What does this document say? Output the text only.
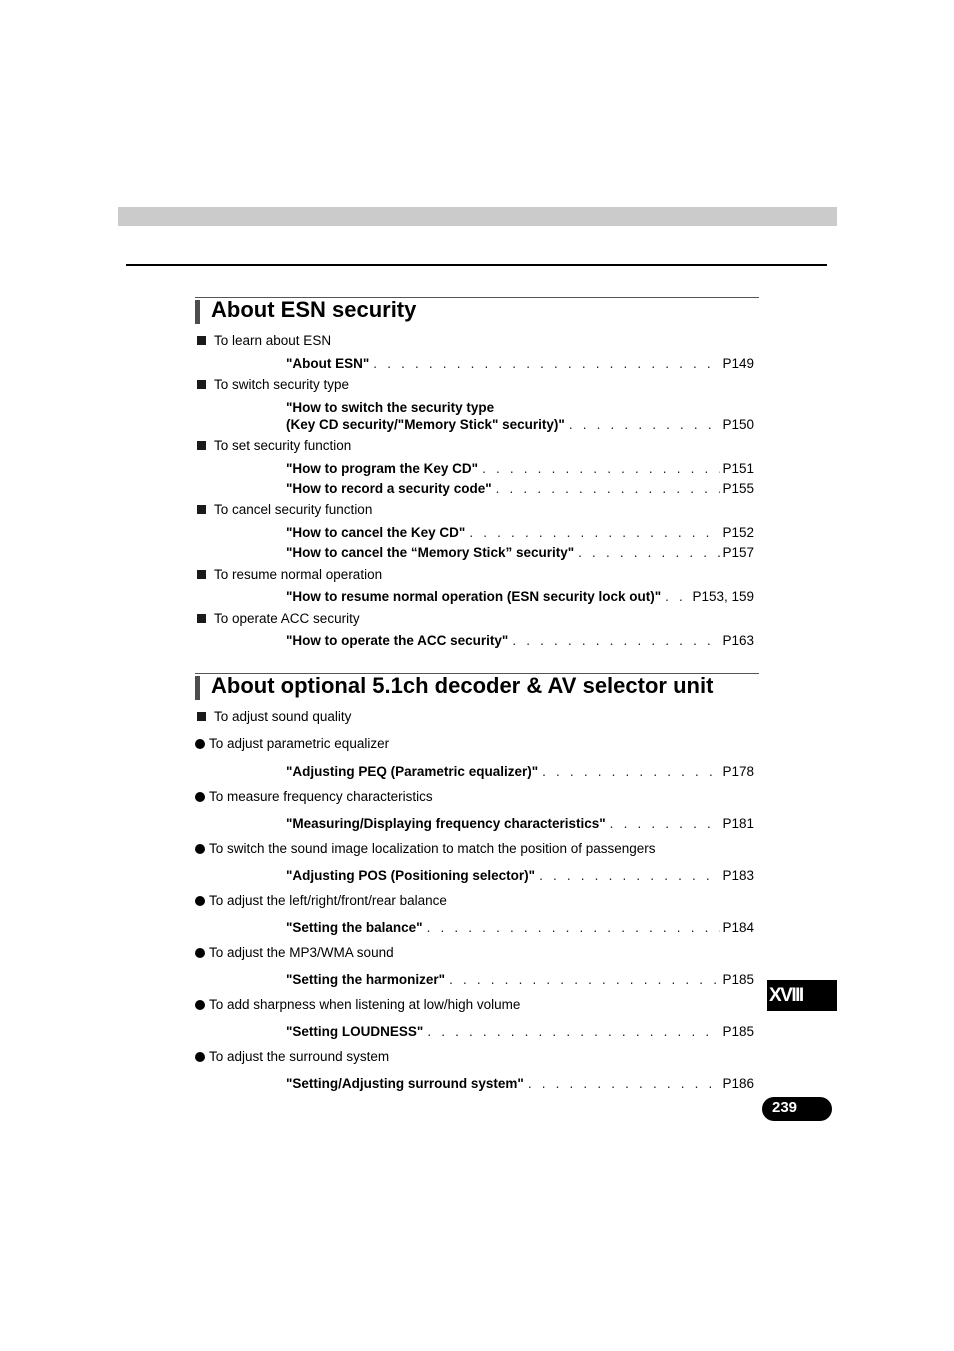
About ESN security
To learn about ESN
"About ESN" . . .	P149
To switch security type
"How to switch the security type
(Key CD security/"Memory Stick" security)" . . .	P150
To set security function
"How to program the Key CD" . . .	P151
"How to record a security code" . . .	P155
To cancel security function
"How to cancel the Key CD" . . .	P152
"How to cancel the “Memory Stick” security" . . .	P157
To resume normal operation
"How to resume normal operation (ESN security lock out)" . . . P153, 159
To operate ACC security
"How to operate the ACC security" . . .	P163
About optional 5.1ch decoder & AV selector unit
To adjust sound quality
To adjust parametric equalizer
"Adjusting PEQ (Parametric equalizer)" . . .	P178
To measure frequency characteristics
"Measuring/Displaying frequency characteristics" . . .	P181
To switch the sound image localization to match the position of passengers
"Adjusting POS (Positioning selector)" . . .	P183
To adjust the left/right/front/rear balance
"Setting the balance" . . .	P184
To adjust the MP3/WMA sound
"Setting the harmonizer" . . .	P185
To add sharpness when listening at low/high volume
"Setting LOUDNESS" . . .	P185
To adjust the surround system
"Setting/Adjusting surround system" . . .	P186
XVIII
239
